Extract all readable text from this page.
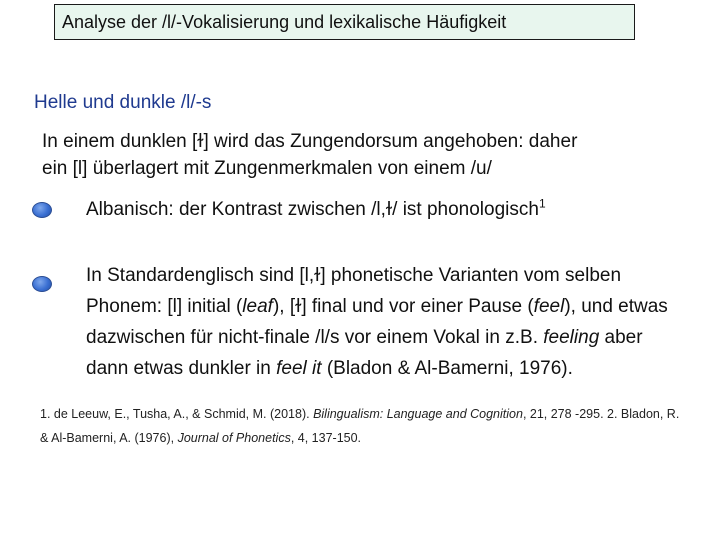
Analyse der /l/-Vokalisierung und lexikalische Häufigkeit
Helle und dunkle /l/-s
In einem dunklen [ɫ] wird das Zungendorsum angehoben: daher
ein [l] überlagert mit Zungenmerkmalen von einem /u/
Albanisch: der Kontrast zwischen /l,ɫ/ ist phonologisch$^1$
In Standardenglisch sind [l,ɫ] phonetische Varianten vom selben Phonem: [l] initial (leaf), [ɫ] final und vor einer Pause (feel), und etwas dazwischen für nicht-finale /l/s vor einem Vokal in z.B. feeling aber dann etwas dunkler in feel it (Bladon & Al-Bamerni, 1976).
1. de Leeuw, E., Tusha, A., & Schmid, M. (2018). Bilingualism: Language and Cognition, 21, 278 -295. 2. Bladon, R. & Al-Bamerni, A. (1976), Journal of Phonetics, 4, 137-150.
